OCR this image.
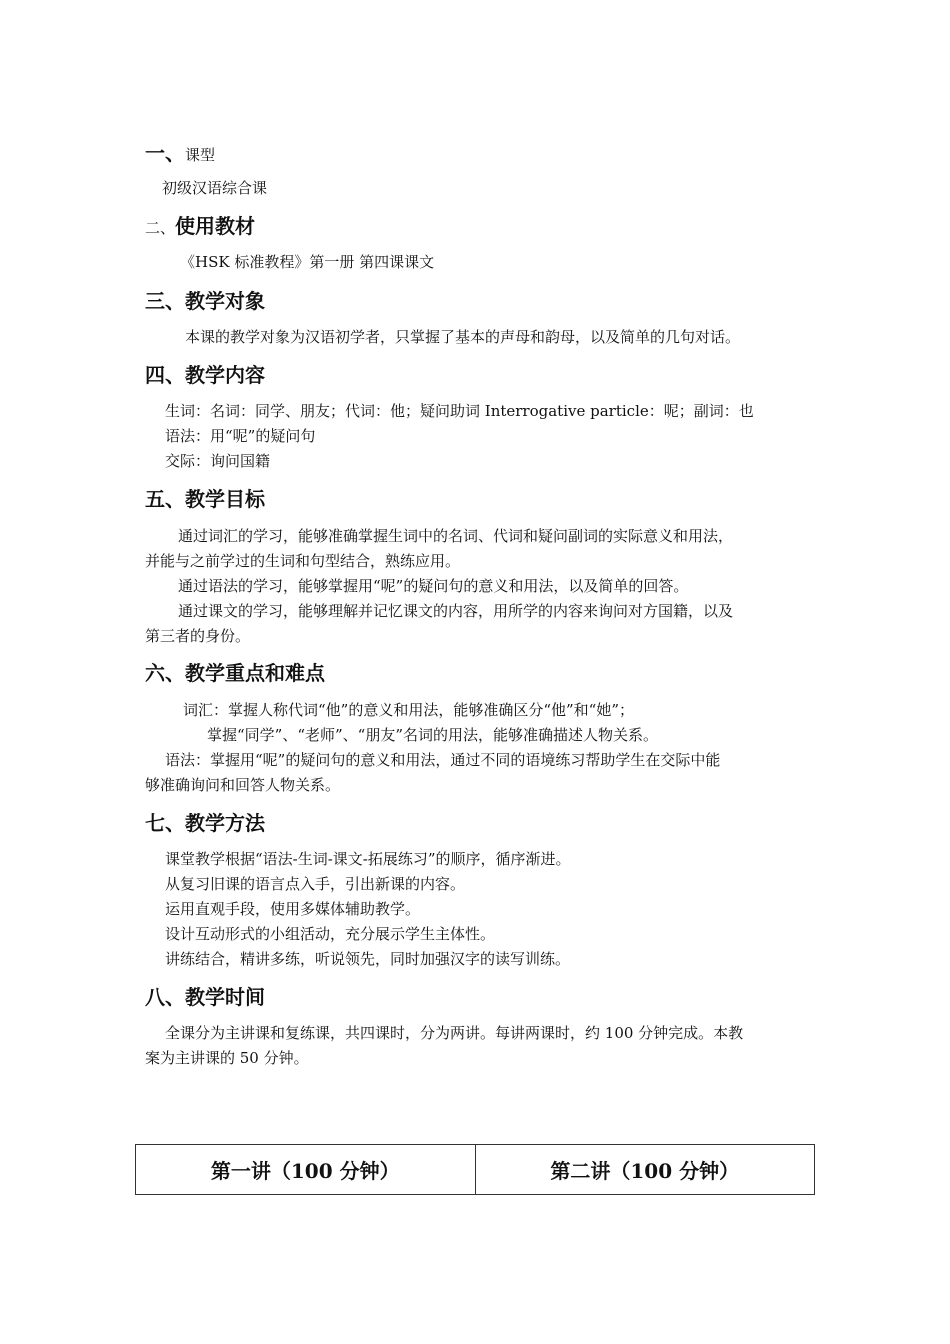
一、课型
初级汉语综合课
二、使用教材
《HSK 标准教程》第一册 第四课课文
三、教学对象
本课的教学对象为汉语初学者，只掌握了基本的声母和韵母，以及简单的几句对话。
四、教学内容
生词：名词：同学、朋友；代词：他；疑问助词 Interrogative particle：呢；副词：也
语法：用“呢”的疑问句
交际：询问国籍
五、教学目标
通过词汇的学习，能够准确掌握生词中的名词、代词和疑问副词的实际意义和用法，
并能与之前学过的生词和句型结合，熟练应用。
通过语法的学习，能够掌握用“呢”的疑问句的意义和用法，以及简单的回答。
通过课文的学习，能够理解并记忆课文的内容，用所学的内容来询问对方国籍，以及
第三者的身份。
六、教学重点和难点
词汇：掌握人称代词“他”的意义和用法，能够准确区分“他”和“她”；
掌握“同学”、“老师”、“朋友”名词的用法，能够准确描述人物关系。
语法：掌握用“呢”的疑问句的意义和用法，通过不同的语境练习帮助学生在交际中能
够准确询问和回答人物关系。
七、教学方法
课堂教学根据“语法-生词-课文-拓展练习”的顺序，循序渐进。
从复习旧课的语言点入手，引出新课的内容。
运用直观手段，使用多媒体辅助教学。
设计互动形式的小组活动，充分展示学生主体性。
讲练结合，精讲多练，听说领先，同时加强汉字的读写训练。
八、教学时间
全课分为主讲课和复练课，共四课时，分为两讲。每讲两课时，约 100 分钟完成。本教
案为主讲课的 50 分钟。
第一讲（100 分钟）	第二讲（100 分钟）
